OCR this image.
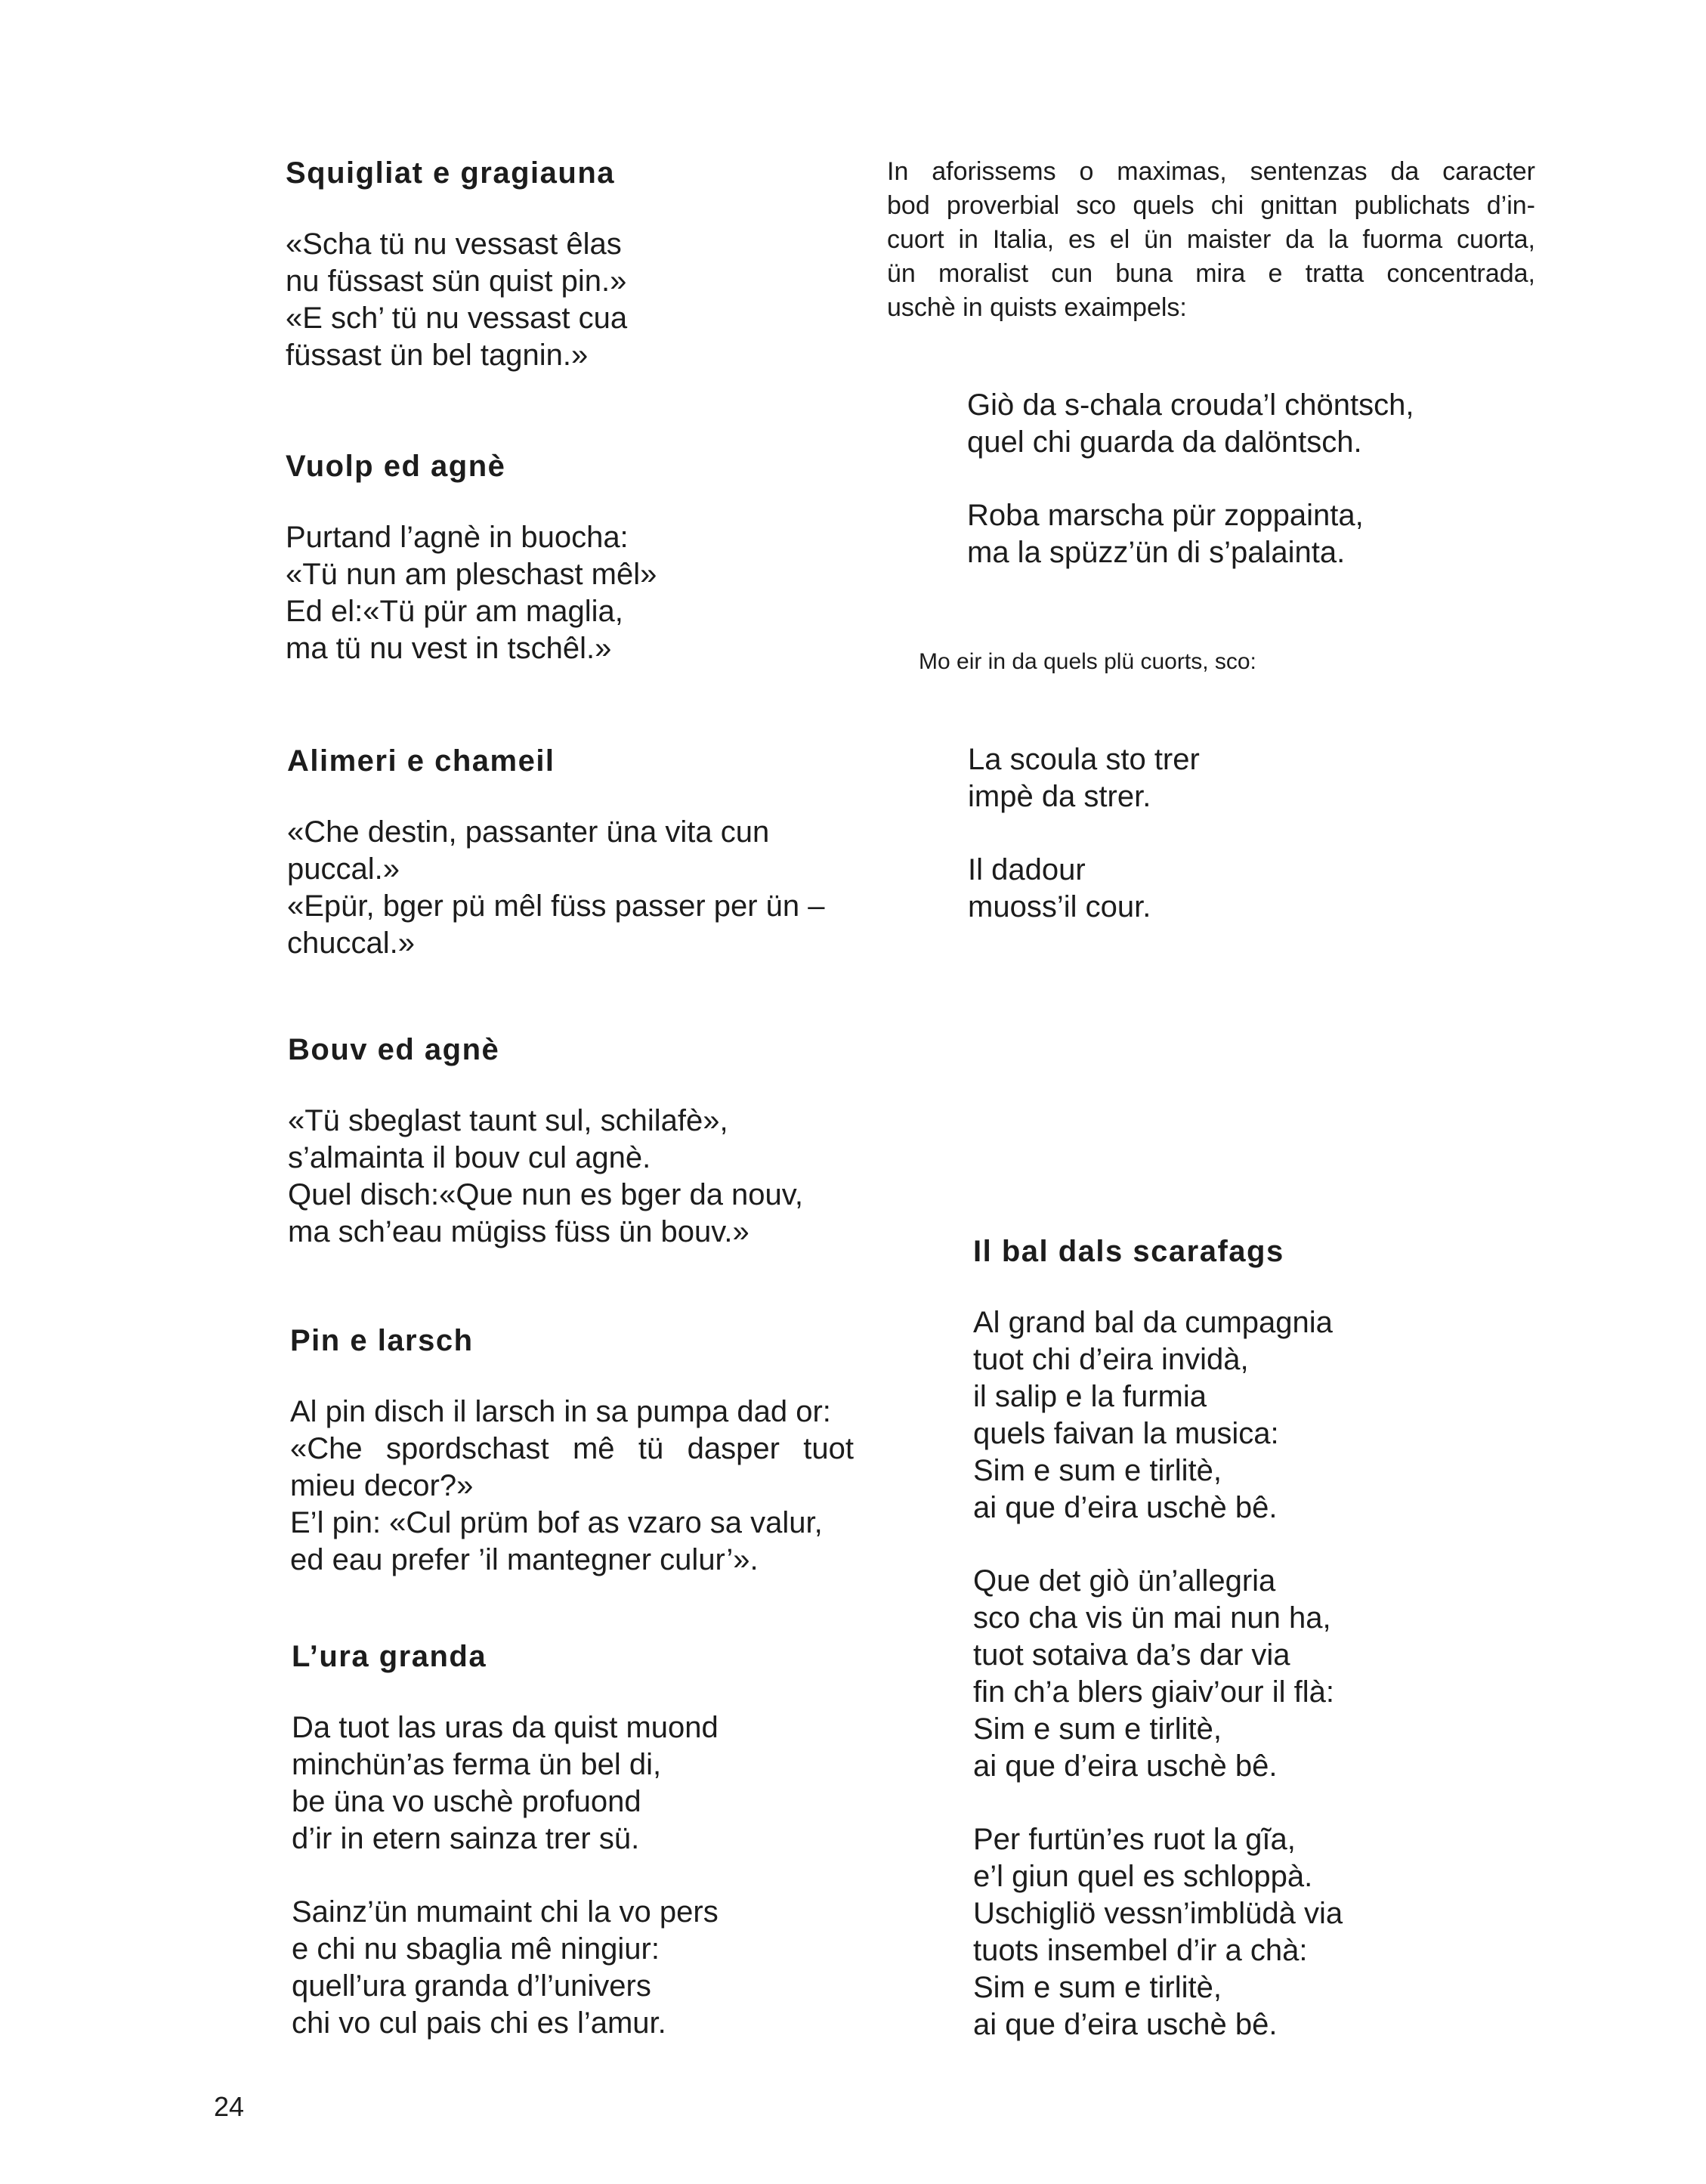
Squigliat e gragiauna
«Scha tü nu vessast êlas
nu füssast sün quist pin.»
«E sch’ tü nu vessast cua
füssast ün bel tagnin.»
Vuolp ed agnè
Purtand l’agnè in buocha:
«Tü nun am pleschast mêl»
Ed el:«Tü pür am maglia,
ma tü nu vest in tschêl.»
Alimeri e chameil
«Che destin, passanter üna vita cun
puccal.»
«Epür, bger pü mêl füss passer per ün –
chuccal.»
Bouv ed agnè
«Tü sbeglast taunt sul, schilafè»,
s’almainta il bouv cul agnè.
Quel disch:«Que nun es bger da nouv,
ma sch’eau mügiss füss ün bouv.»
Pin e larsch
Al pin disch il larsch in sa pumpa dad or:
«Che spordschast mê tü dasper tuot
mieu decor?»
E’l pin: «Cul prüm bof as vzaro sa valur,
ed eau prefer ’il mantegner culur’».
L’ura granda
Da tuot las uras da quist muond
minchün’as ferma ün bel di,
be üna vo uschè profuond
d’ir in etern sainza trer sü.
Sainz’ün mumaint chi la vo pers
e chi nu sbaglia mê ningiur:
quell’ura granda d’l’univers
chi vo cul pais chi es l’amur.
In aforissems o maximas, sentenzas da caracter
bod proverbial sco quels chi gnittan publichats d’in-
cuort in Italia, es el ün maister da la fuorma cuorta,
ün moralist cun buna mira e tratta concentrada,
uschè in quists exaimpels:
Giò da s-chala crouda’l chöntsch,
quel chi guarda da dalöntsch.
Roba marscha pür zoppainta,
ma la spüzz’ün di s’palainta.
Mo eir in da quels plü cuorts, sco:
La scoula sto trer
impè da strer.
Il dadour
muoss’il cour.
Il bal dals scarafags
Al grand bal da cumpagnia
tuot chi d’eira invidà,
il salip e la furmia
quels faivan la musica:
Sim e sum e tirlitè,
ai que d’eira uschè bê.
Que det giò ün’allegria
sco cha vis ün mai nun ha,
tuot sotaiva da’s dar via
fin ch’a blers giaiv’our il flà:
Sim e sum e tirlitè,
ai que d’eira uschè bê.
Per furtün’es ruot la gĩa,
e’l giun quel es schloppà.
Uschigliö vessn’imblüdà via
tuots insembel d’ir a chà:
Sim e sum e tirlitè,
ai que d’eira uschè bê.
24
